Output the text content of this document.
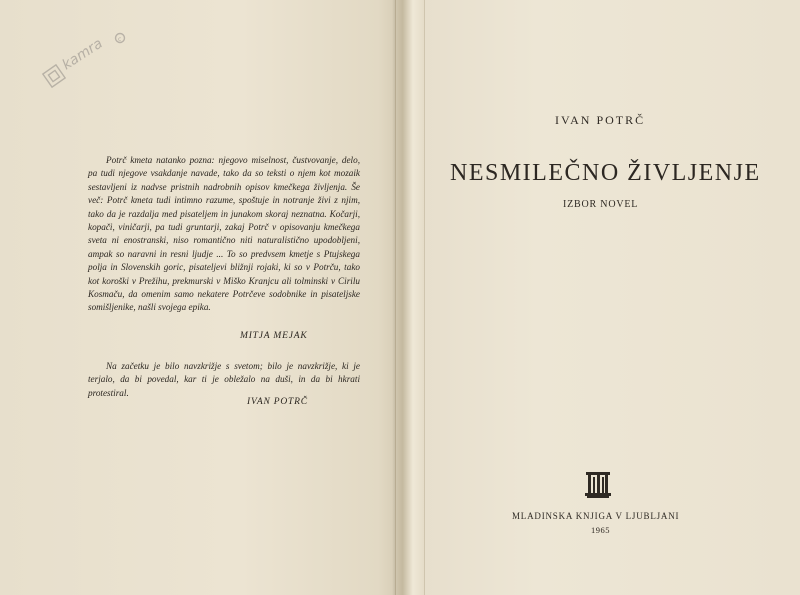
kamra c
Potrč kmeta natanko pozna: njegovo miselnost, čustvovanje, delo, pa tudi njegove vsakdanje navade, tako da so teksti o njem kot mozaik sestavljeni iz nadvse pristnih nadrobnih opisov kmečkega življenja. Še več: Potrč kmeta tudi intimno razume, spoštuje in notranje živi z njim, tako da je razdalja med pisateljem in junakom skoraj neznatna. Kočarji, kopači, viničarji, pa tudi gruntarji, zakaj Potrč v opisovanju kmečkega sveta ni enostranski, niso romantično niti naturalistično upodobljeni, ampak so naravni in resni ljudje ... To so predvsem kmetje s Ptujskega polja in Slovenskih goric, pisateljevi bližnji rojaki, ki so v Potrču, tako kot koroški v Prežihu, prekmurski v Miško Kranjcu ali tolminski v Cirilu Kosmaču, da omenim samo nekatere Potrčeve sodobnike in pisateljske somišljenike, našli svojega epika.
MITJA MEJAK
Na začetku je bilo navzkrižje s svetom; bilo je navzkrižje, ki je terjalo, da bi povedal, kar ti je obležalo na duši, in da bi hkrati protestiral.
IVAN POTRČ
IVAN POTRČ
NESMILEČNO ŽIVLJENJE
IZBOR NOVEL
MLADINSKA KNJIGA V LJUBLJANI
1965
